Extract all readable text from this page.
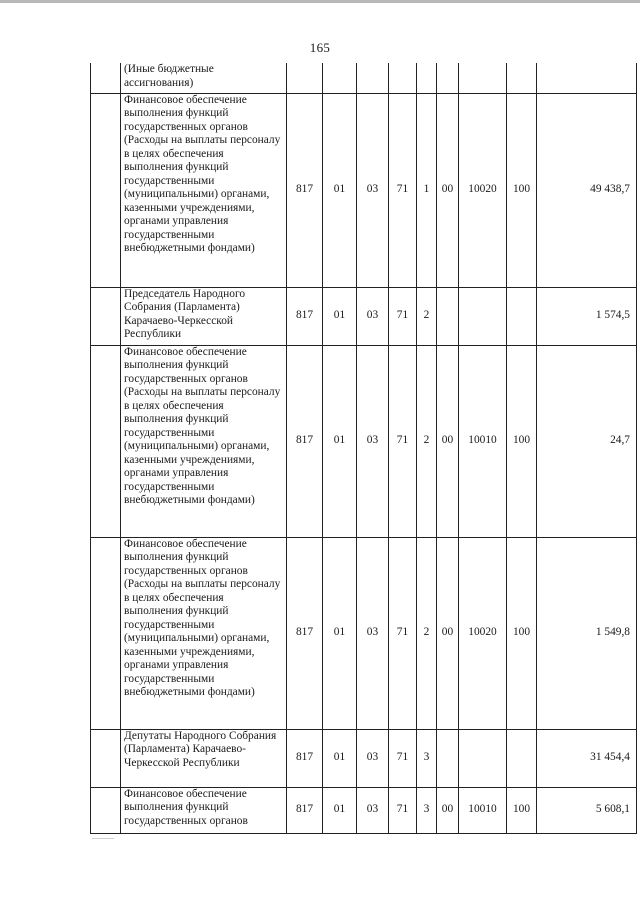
165
	(Иные бюджетные ассигнования)									
	Финансовое обеспечение выполнения функций государственных органов (Расходы на выплаты персоналу в целях обеспечения выполнения функций государственными (муниципальными) органами, казенными учреждениями, органами управления государственными внебюджетными фондами)	817	01	03	71	1	00	10020	100	49 438,7
	Председатель Народного Собрания (Парламента) Карачаево-Черкесской Республики	817	01	03	71	2				1 574,5
	Финансовое обеспечение выполнения функций государственных органов (Расходы на выплаты персоналу в целях обеспечения выполнения функций государственными (муниципальными) органами, казенными учреждениями, органами управления государственными внебюджетными фондами)	817	01	03	71	2	00	10010	100	24,7
	Финансовое обеспечение выполнения функций государственных органов (Расходы на выплаты персоналу в целях обеспечения выполнения функций государственными (муниципальными) органами, казенными учреждениями, органами управления государственными внебюджетными фондами)	817	01	03	71	2	00	10020	100	1 549,8
	Депутаты Народного Собрания (Парламента) Карачаево-Черкесской Республики	817	01	03	71	3				31 454,4
	Финансовое обеспечение выполнения функций государственных органов	817	01	03	71	3	00	10010	100	5 608,1
